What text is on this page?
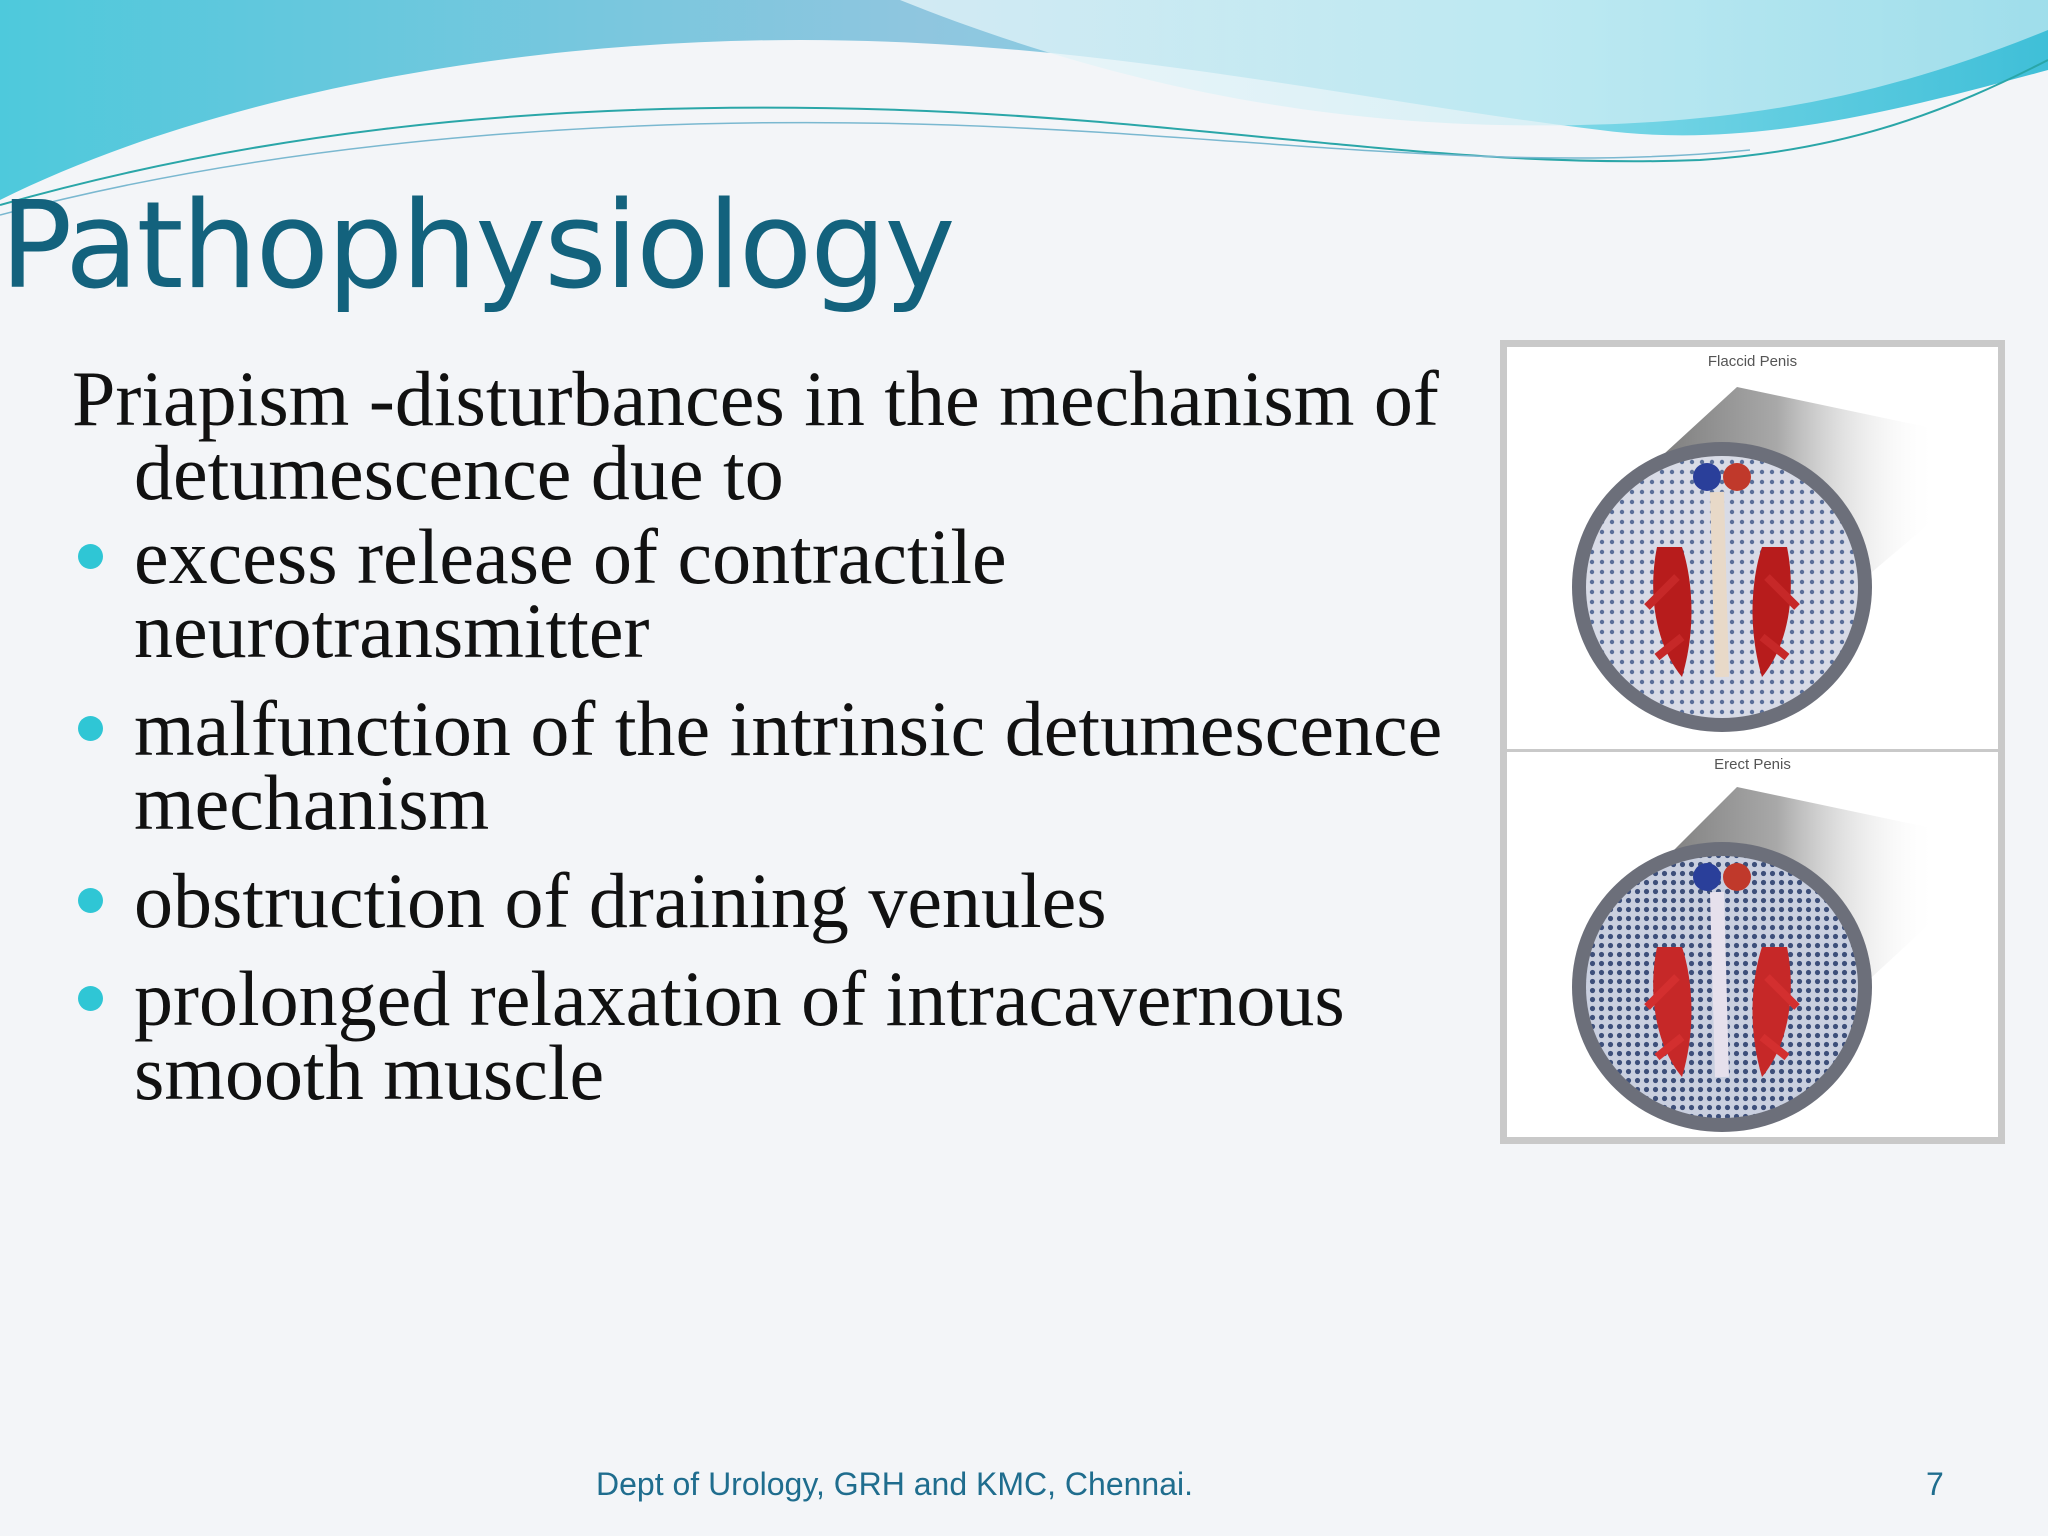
Pathophysiology

Priapism -disturbances in the mechanism of detumescence due to

excess release of contractile neurotransmitter
malfunction of the intrinsic detumescence mechanism
obstruction of draining venules
prolonged relaxation of intracavernous smooth muscle
Flaccid Penis
Erect Penis
Dept of Urology, GRH and KMC, Chennai.	7
